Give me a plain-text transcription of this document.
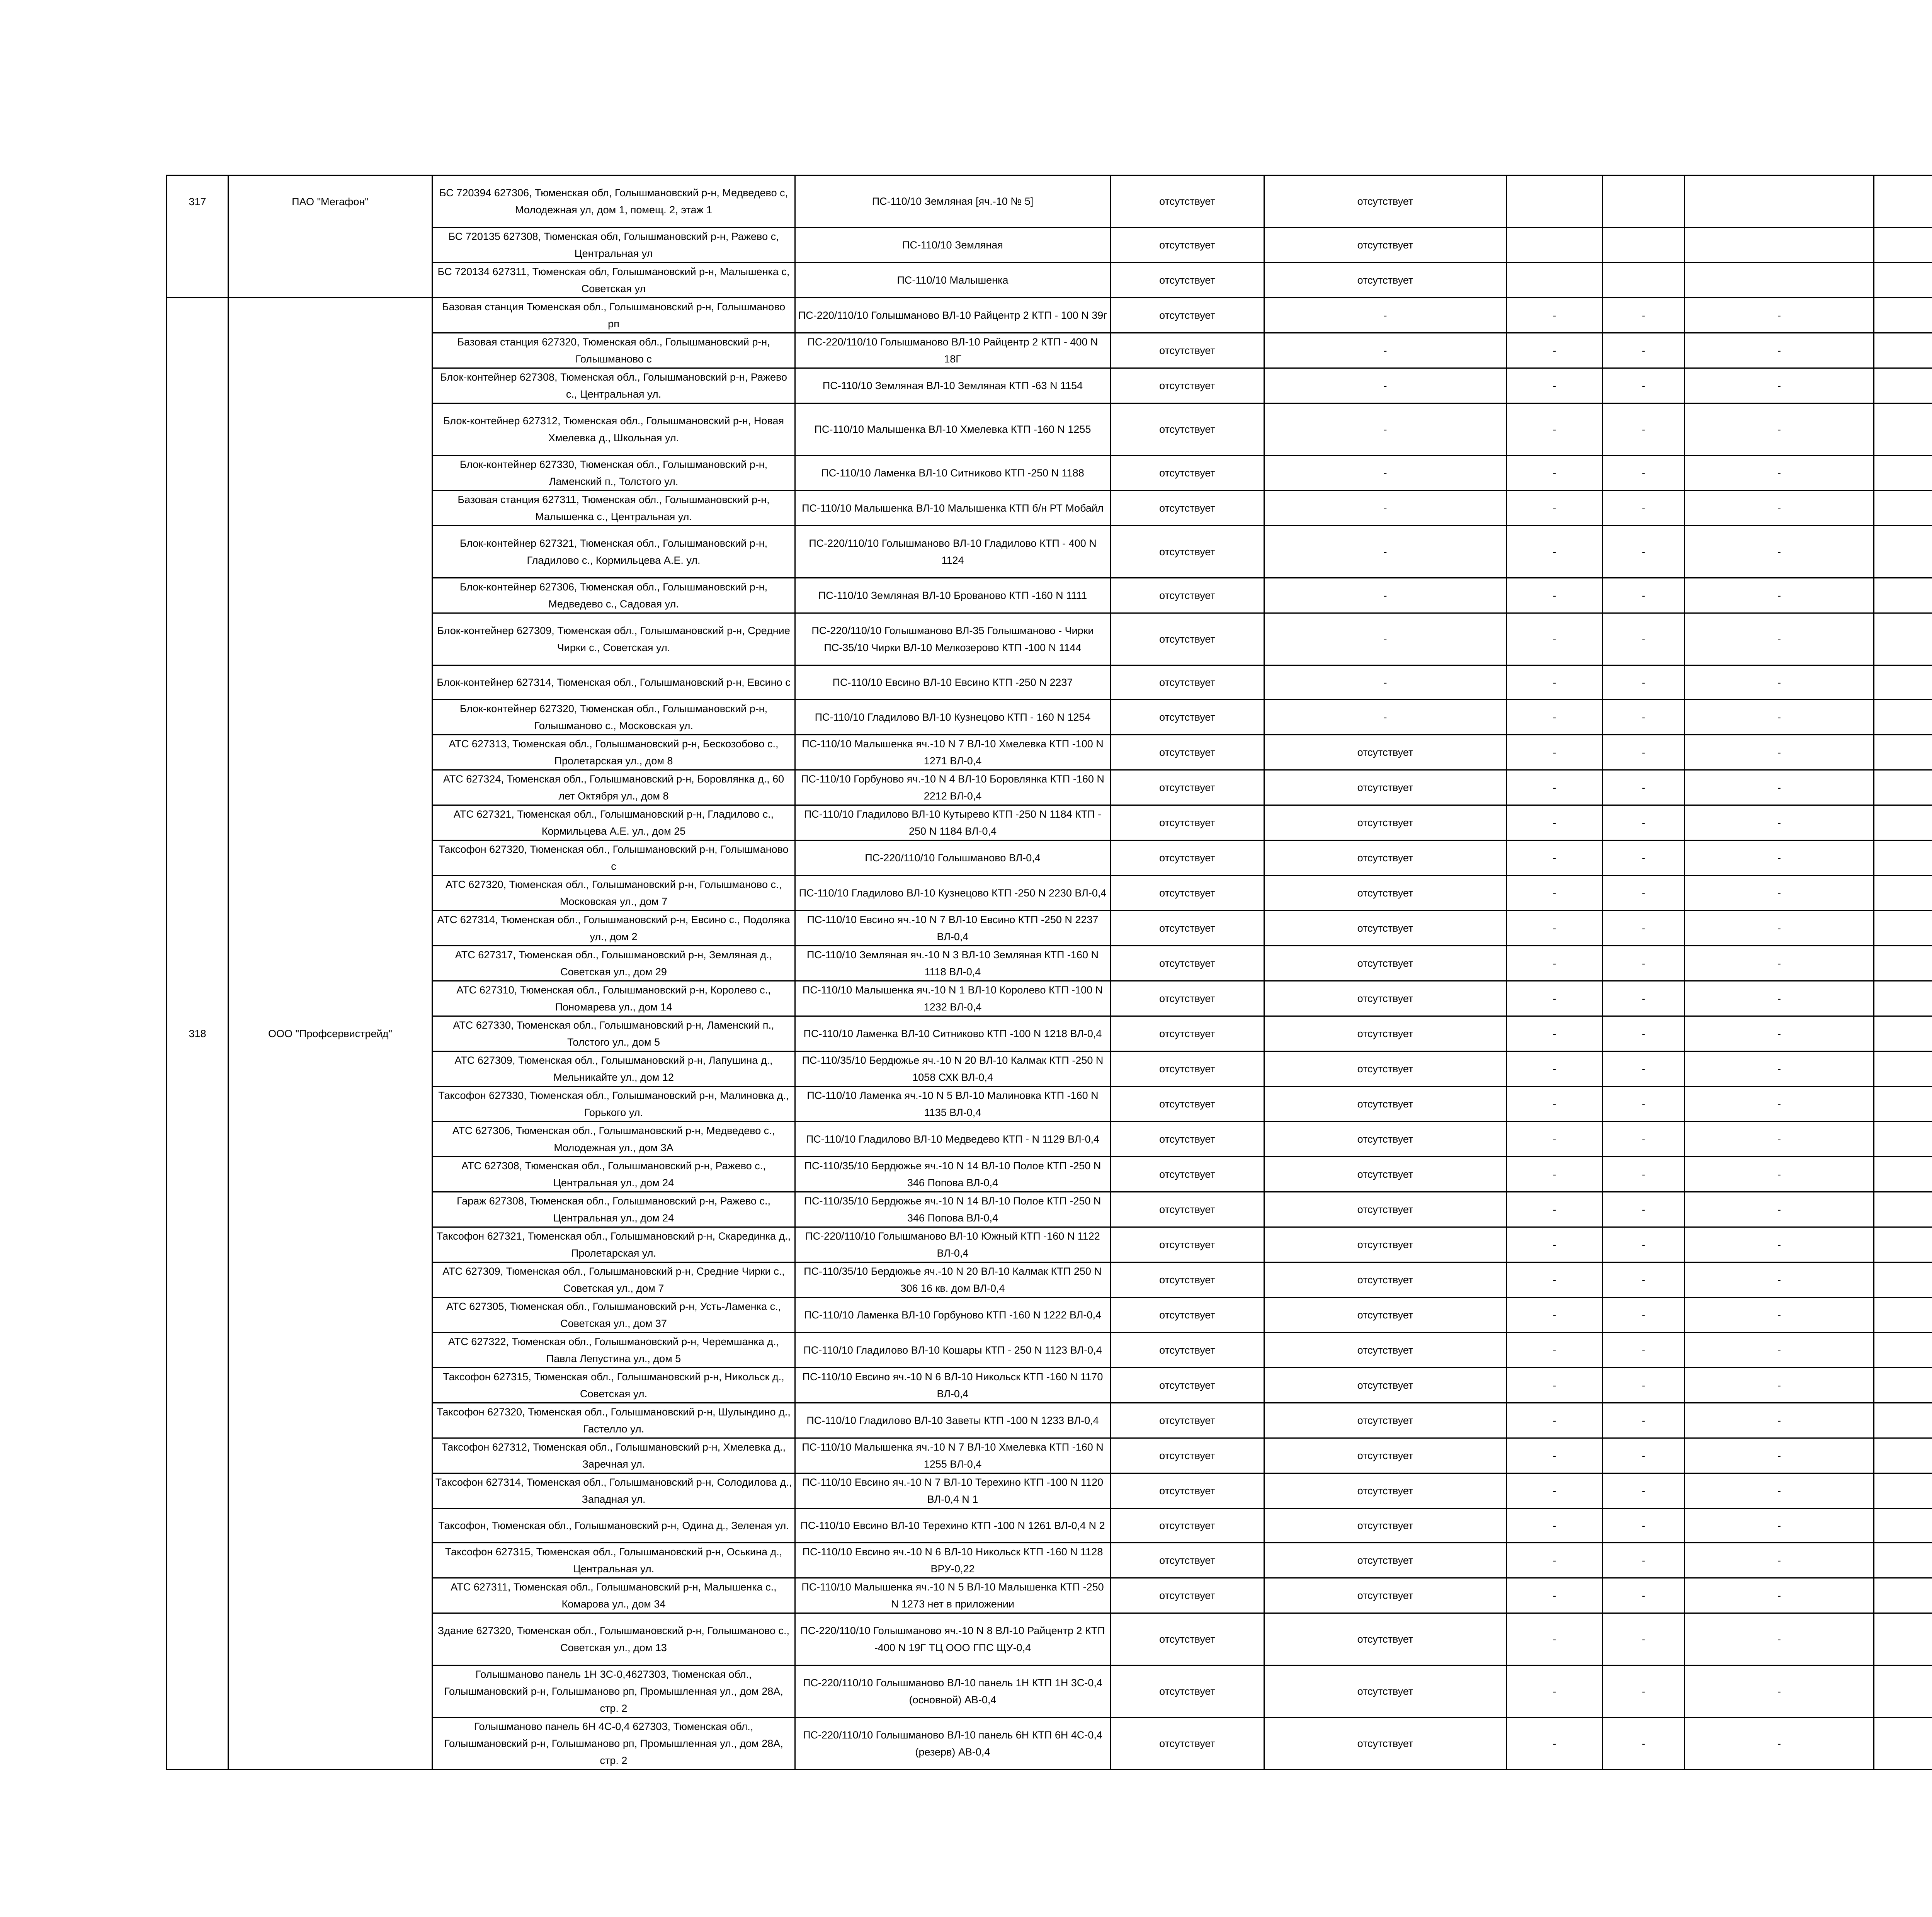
317	ПАО "Мегафон"	БС 720394 627306, Тюменская обл, Голышмановский р-н, Медведево с, Молодежная ул, дом 1, помещ. 2, этаж 1	ПС-110/10 Земляная [яч.-10 № 5]	отсутствует	отсутствует					
		БС 720135 627308, Тюменская обл, Голышмановский р-н, Ражево с, Центральная ул	ПС-110/10 Земляная	отсутствует	отсутствует					
		БС 720134 627311, Тюменская обл, Голышмановский р-н, Малышенка с, Советская ул	ПС-110/10 Малышенка	отсутствует	отсутствует					
318	ООО "Профсервистрейд"	Базовая станция Тюменская обл., Голышмановский р-н, Голышманово рп	ПС-220/110/10 Голышманово ВЛ-10 Райцентр 2 КТП - 100 N 39г	отсутствует	-	-	-	-		
		Базовая станция 627320, Тюменская обл., Голышмановский р-н, Голышманово с	ПС-220/110/10 Голышманово ВЛ-10 Райцентр 2 КТП - 400 N 18Г	отсутствует	-	-	-	-		
		Блок-контейнер 627308, Тюменская обл., Голышмановский р-н, Ражево с., Центральная ул.	ПС-110/10 Земляная ВЛ-10 Земляная КТП -63 N 1154	отсутствует	-	-	-	-		
		Блок-контейнер 627312, Тюменская обл., Голышмановский р-н, Новая Хмелевка д., Школьная ул.	ПС-110/10 Малышенка ВЛ-10 Хмелевка КТП -160 N 1255	отсутствует	-	-	-	-		
		Блок-контейнер 627330, Тюменская обл., Голышмановский р-н, Ламенский п., Толстого ул.	ПС-110/10 Ламенка ВЛ-10 Ситниково КТП -250 N 1188	отсутствует	-	-	-	-		
		Базовая станция 627311, Тюменская обл., Голышмановский р-н, Малышенка с., Центральная ул.	ПС-110/10 Малышенка ВЛ-10 Малышенка КТП б/н РТ Мобайл	отсутствует	-	-	-	-		
		Блок-контейнер 627321, Тюменская обл., Голышмановский р-н, Гладилово с., Кормильцева А.Е. ул.	ПС-220/110/10 Голышманово ВЛ-10 Гладилово КТП - 400 N 1124	отсутствует	-	-	-	-		
		Блок-контейнер 627306, Тюменская обл., Голышмановский р-н, Медведево с., Садовая ул.	ПС-110/10 Земляная ВЛ-10 Брованово КТП -160 N 1111	отсутствует	-	-	-	-		
		Блок-контейнер 627309, Тюменская обл., Голышмановский р-н, Средние Чирки с., Советская ул.	ПС-220/110/10 Голышманово ВЛ-35 Голышманово - Чирки ПС-35/10 Чирки ВЛ-10 Мелкозерово КТП -100 N 1144	отсутствует	-	-	-	-		
		Блок-контейнер 627314, Тюменская обл., Голышмановский р-н, Евсино с	ПС-110/10 Евсино ВЛ-10 Евсино КТП -250 N 2237	отсутствует	-	-	-	-		
		Блок-контейнер 627320, Тюменская обл., Голышмановский р-н, Голышманово с., Московская ул.	ПС-110/10 Гладилово ВЛ-10 Кузнецово КТП - 160 N 1254	отсутствует	-	-	-	-		
		АТС 627313, Тюменская обл., Голышмановский р-н, Бескозобово с., Пролетарская ул., дом 8	ПС-110/10 Малышенка яч.-10 N 7 ВЛ-10 Хмелевка КТП -100 N 1271 ВЛ-0,4	отсутствует	отсутствует	-	-	-		
		АТС 627324, Тюменская обл., Голышмановский р-н, Боровлянка д., 60 лет Октября ул., дом 8	ПС-110/10 Горбуново яч.-10 N 4 ВЛ-10 Боровлянка КТП -160 N 2212 ВЛ-0,4	отсутствует	отсутствует	-	-	-		
		АТС 627321, Тюменская обл., Голышмановский р-н, Гладилово с., Кормильцева А.Е. ул., дом 25	ПС-110/10 Гладилово ВЛ-10 Кутырево КТП -250 N 1184 КТП - 250 N 1184 ВЛ-0,4	отсутствует	отсутствует	-	-	-		
		Таксофон 627320, Тюменская обл., Голышмановский р-н, Голышманово с	ПС-220/110/10 Голышманово ВЛ-0,4	отсутствует	отсутствует	-	-	-		
		АТС 627320, Тюменская обл., Голышмановский р-н, Голышманово с., Московская ул., дом 7	ПС-110/10 Гладилово ВЛ-10 Кузнецово КТП -250 N 2230 ВЛ-0,4	отсутствует	отсутствует	-	-	-		
		АТС 627314, Тюменская обл., Голышмановский р-н, Евсино с., Подоляка ул., дом 2	ПС-110/10 Евсино яч.-10 N 7 ВЛ-10 Евсино КТП -250 N 2237 ВЛ-0,4	отсутствует	отсутствует	-	-	-		
		АТС 627317, Тюменская обл., Голышмановский р-н, Земляная д., Советская ул., дом 29	ПС-110/10 Земляная яч.-10 N 3 ВЛ-10 Земляная КТП -160 N 1118 ВЛ-0,4	отсутствует	отсутствует	-	-	-		
		АТС 627310, Тюменская обл., Голышмановский р-н, Королево с., Пономарева ул., дом 14	ПС-110/10 Малышенка яч.-10 N 1 ВЛ-10 Королево КТП -100 N 1232 ВЛ-0,4	отсутствует	отсутствует	-	-	-		
		АТС 627330, Тюменская обл., Голышмановский р-н, Ламенский п., Толстого ул., дом 5	ПС-110/10 Ламенка ВЛ-10 Ситниково КТП -100 N 1218 ВЛ-0,4	отсутствует	отсутствует	-	-	-		
		АТС 627309, Тюменская обл., Голышмановский р-н, Лапушина д., Мельникайте ул., дом 12	ПС-110/35/10 Бердюжье яч.-10 N 20 ВЛ-10 Калмак КТП -250 N 1058 СХК ВЛ-0,4	отсутствует	отсутствует	-	-	-		
		Таксофон 627330, Тюменская обл., Голышмановский р-н, Малиновка д., Горького ул.	ПС-110/10 Ламенка яч.-10 N 5 ВЛ-10 Малиновка КТП -160 N 1135 ВЛ-0,4	отсутствует	отсутствует	-	-	-		
		АТС 627306, Тюменская обл., Голышмановский р-н, Медведево с., Молодежная ул., дом 3А	ПС-110/10 Гладилово ВЛ-10 Медведево КТП - N 1129 ВЛ-0,4	отсутствует	отсутствует	-	-	-		
		АТС 627308, Тюменская обл., Голышмановский р-н, Ражево с., Центральная ул., дом 24	ПС-110/35/10 Бердюжье яч.-10 N 14 ВЛ-10 Полое КТП -250 N 346 Попова ВЛ-0,4	отсутствует	отсутствует	-	-	-		
		Гараж 627308, Тюменская обл., Голышмановский р-н, Ражево с., Центральная ул., дом 24	ПС-110/35/10 Бердюжье яч.-10 N 14 ВЛ-10 Полое КТП -250 N 346 Попова ВЛ-0,4	отсутствует	отсутствует	-	-	-		
		Таксофон 627321, Тюменская обл., Голышмановский р-н, Скарединка д., Пролетарская ул.	ПС-220/110/10 Голышманово ВЛ-10 Южный КТП -160 N 1122 ВЛ-0,4	отсутствует	отсутствует	-	-	-		
		АТС 627309, Тюменская обл., Голышмановский р-н, Средние Чирки с., Советская ул., дом 7	ПС-110/35/10 Бердюжье яч.-10 N 20 ВЛ-10 Калмак КТП 250 N 306 16 кв. дом ВЛ-0,4	отсутствует	отсутствует	-	-	-		
		АТС 627305, Тюменская обл., Голышмановский р-н, Усть-Ламенка с., Советская ул., дом 37	ПС-110/10 Ламенка ВЛ-10 Горбуново КТП -160 N 1222 ВЛ-0,4	отсутствует	отсутствует	-	-	-		
		АТС 627322, Тюменская обл., Голышмановский р-н, Черемшанка д., Павла Лепустина ул., дом 5	ПС-110/10 Гладилово ВЛ-10 Кошары КТП - 250 N 1123 ВЛ-0,4	отсутствует	отсутствует	-	-	-		
		Таксофон 627315, Тюменская обл., Голышмановский р-н, Никольск д., Советская ул.	ПС-110/10 Евсино яч.-10 N 6 ВЛ-10 Никольск КТП -160 N 1170 ВЛ-0,4	отсутствует	отсутствует	-	-	-		
		Таксофон 627320, Тюменская обл., Голышмановский р-н, Шулындино д., Гастелло ул.	ПС-110/10 Гладилово ВЛ-10 Заветы КТП -100 N 1233 ВЛ-0,4	отсутствует	отсутствует	-	-	-		
		Таксофон 627312, Тюменская обл., Голышмановский р-н, Хмелевка д., Заречная ул.	ПС-110/10 Малышенка яч.-10 N 7 ВЛ-10 Хмелевка КТП -160 N 1255 ВЛ-0,4	отсутствует	отсутствует	-	-	-		
		Таксофон 627314, Тюменская обл., Голышмановский р-н, Солодилова д., Западная ул.	ПС-110/10 Евсино яч.-10 N 7 ВЛ-10 Терехино КТП -100 N 1120 ВЛ-0,4 N 1	отсутствует	отсутствует	-	-	-		
		Таксофон, Тюменская обл., Голышмановский р-н, Одина д., Зеленая ул.	ПС-110/10 Евсино ВЛ-10 Терехино КТП -100 N 1261 ВЛ-0,4 N 2	отсутствует	отсутствует	-	-	-		
		Таксофон 627315, Тюменская обл., Голышмановский р-н, Оськина д., Центральная ул.	ПС-110/10 Евсино яч.-10 N 6 ВЛ-10 Никольск КТП -160 N 1128 ВРУ-0,22	отсутствует	отсутствует	-	-	-		
		АТС 627311, Тюменская обл., Голышмановский р-н, Малышенка с., Комарова ул., дом 34	ПС-110/10 Малышенка яч.-10 N 5 ВЛ-10 Малышенка КТП -250 N 1273 нет в приложении	отсутствует	отсутствует	-	-	-		
		Здание 627320, Тюменская обл., Голышмановский р-н, Голышманово с., Советская ул., дом 13	ПС-220/110/10 Голышманово яч.-10 N 8 ВЛ-10 Райцентр 2 КТП -400 N 19Г ТЦ ООО ГПС ЩУ-0,4	отсутствует	отсутствует	-	-	-		
		Голышманово панель 1Н 3С-0,4627303, Тюменская обл., Голышмановский р-н, Голышманово рп, Промышленная ул., дом 28А, стр. 2	ПС-220/110/10 Голышманово ВЛ-10 панель 1Н КТП 1Н 3С-0,4 (основной) АВ-0,4	отсутствует	отсутствует	-	-	-		
		Голышманово панель 6Н 4С-0,4 627303, Тюменская обл., Голышмановский р-н, Голышманово рп, Промышленная ул., дом 28А, стр. 2	ПС-220/110/10 Голышманово ВЛ-10 панель 6Н КТП 6Н 4С-0,4 (резерв) АВ-0,4	отсутствует	отсутствует	-	-	-		
